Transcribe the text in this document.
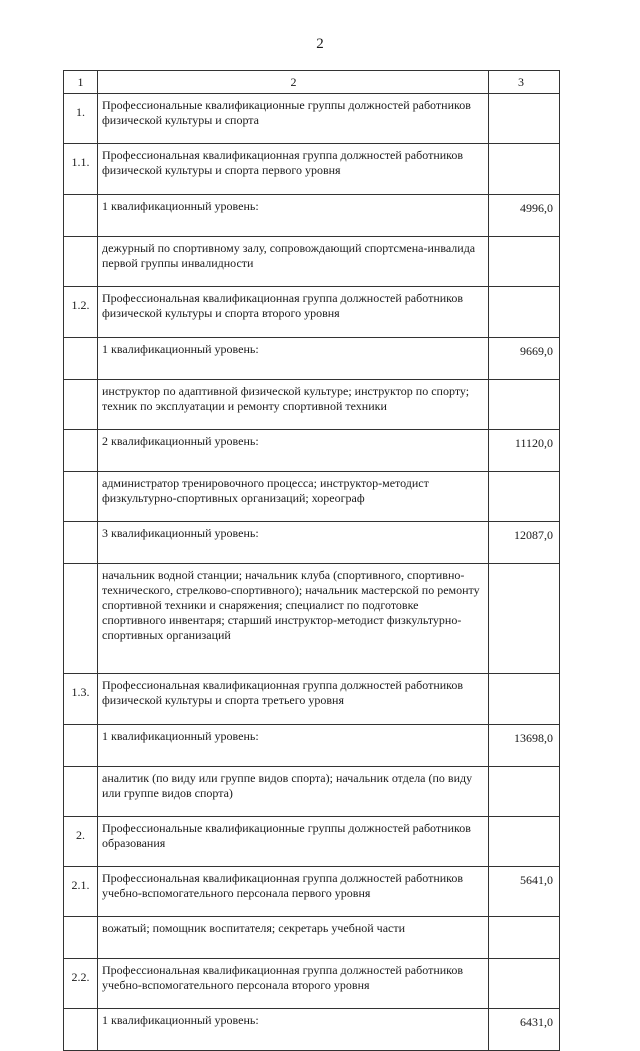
2
1	2	3
1.	Профессиональные квалификационные группы должностей работников физической культуры и спорта	
1.1.	Профессиональная квалификационная группа должностей работников физической культуры и спорта первого уровня	
	1 квалификационный уровень:	4996,0
	дежурный по спортивному залу, сопровождающий спортсмена-инвалида первой группы инвалидности	
1.2.	Профессиональная квалификационная группа должностей работников физической культуры и спорта второго уровня	
	1 квалификационный уровень:	9669,0
	инструктор по адаптивной физической культуре; инструктор по спорту; техник по эксплуатации и ремонту спортивной техники	
	2 квалификационный уровень:	11120,0
	администратор тренировочного процесса; инструктор-методист физкультурно-спортивных организаций; хореограф	
	3 квалификационный уровень:	12087,0
	начальник водной станции; начальник клуба (спортивного, спортивно-технического, стрелково-спортивного); начальник мастерской по ремонту спортивной техники и снаряжения; специалист по подготовке спортивного инвентаря; старший инструктор-методист физкультурно-спортивных организаций	
1.3.	Профессиональная квалификационная группа должностей работников физической культуры и спорта третьего уровня	
	1 квалификационный уровень:	13698,0
	аналитик (по виду или группе видов спорта); начальник отдела (по виду или группе видов спорта)	
2.	Профессиональные квалификационные группы должностей работников образования	
2.1.	Профессиональная квалификационная группа должностей работников учебно-вспомогательного персонала первого уровня	5641,0
	вожатый; помощник воспитателя; секретарь учебной части	
2.2.	Профессиональная квалификационная группа должностей работников учебно-вспомогательного персонала второго уровня	
	1 квалификационный уровень:	6431,0
